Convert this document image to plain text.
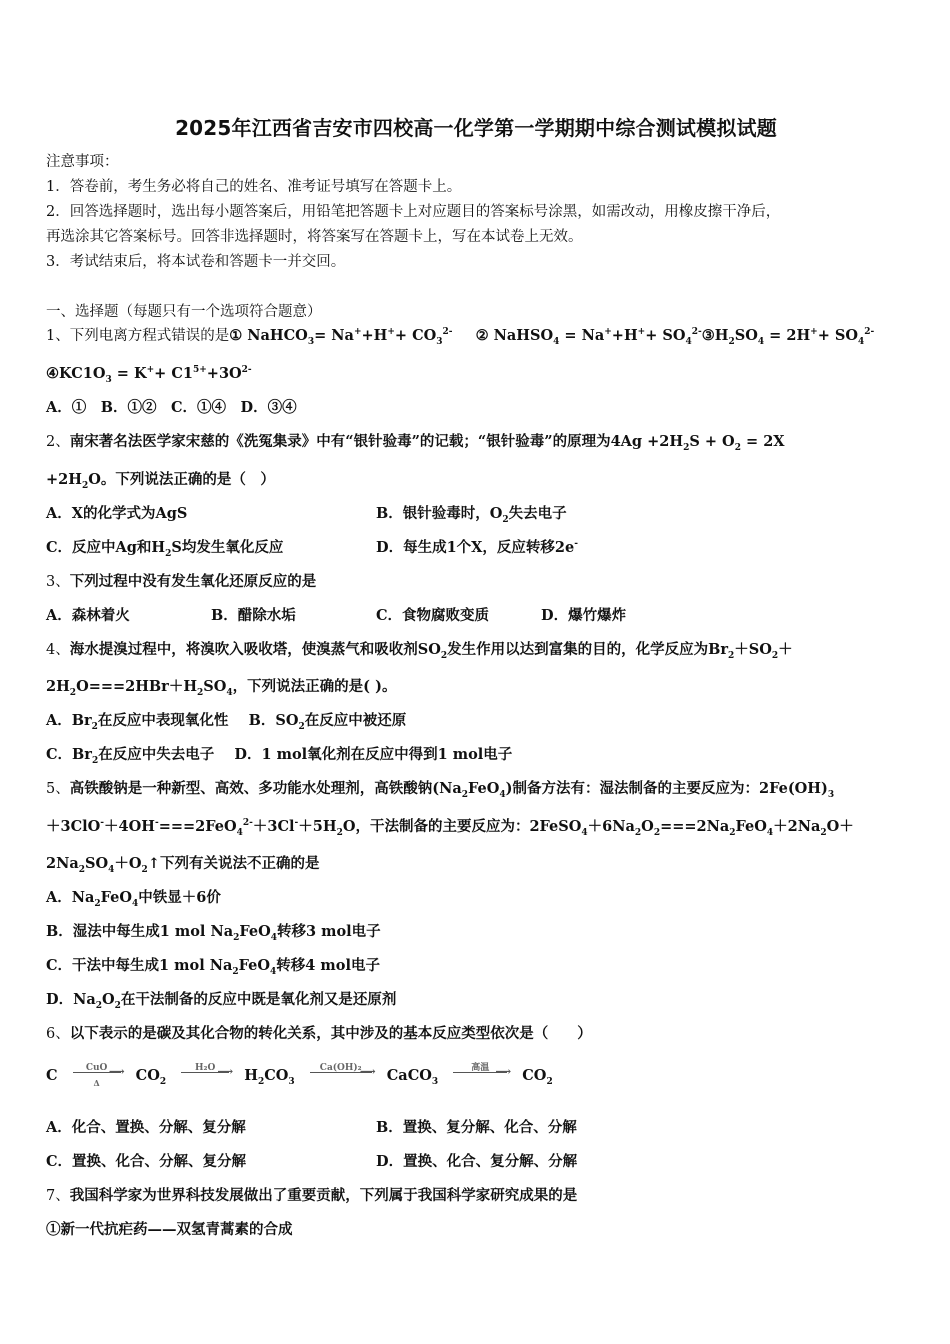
2025年江西省吉安市四校高一化学第一学期期中综合测试模拟试题
注意事项：
1．答卷前，考生务必将自己的姓名、准考证号填写在答题卡上。
2．回答选择题时，选出每小题答案后，用铅笔把答题卡上对应题目的答案标号涂黑，如需改动，用橡皮擦干净后，
再选涂其它答案标号。回答非选择题时，将答案写在答题卡上，写在本试卷上无效。
3．考试结束后，将本试卷和答题卡一并交回。
一、选择题（每题只有一个选项符合题意）
1、下列电离方程式错误的是① NaHCO$_3$= $Na^++H^++ CO_3^{2-}$ ② NaHSO$_4$ = $Na^++H^++ SO_4^{2-}③H_2SO_4 = 2H^++ SO_4^{2-}$
$④KC1O_3 = K^++ C1^{5+}+3O^{2-}$
A．①　B．①②　C．①④　D．③④
2、南宋著名法医学家宋慈的《洗冤集录》中有“银针验毒”的记载；“银针验毒”的原理为$4Ag +2H_2S + O_2 = 2X$
$+2H_2O$。下列说法正确的是（　）
A．X的化学式为AgS	B．银针验毒时，$O_2$失去电子
C．反应中Ag和$H_2S$均发生氧化反应	D．每生成1个X，反应转移2e-
3、下列过程中没有发生氧化还原反应的是
A．森林着火	B．醋除水垢	C．食物腐败变质	D．爆竹爆炸
4、海水提溴过程中，将溴吹入吸收塔，使溴蒸气和吸收剂$SO_2$发生作用以达到富集的目的，化学反应为$Br_2+SO_2+$
$2H_2O===2HBr+H_2SO_4$，下列说法正确的是( )。
A．$Br_2$在反应中表现氧化性 B．$SO_2$在反应中被还原
C．$Br_2$在反应中失去电子 D．1 mol氧化剂在反应中得到1 mol电子
5、高铁酸钠是一种新型、高效、多功能水处理剂，高铁酸钠$(Na_2FeO_4)$制备方法有：湿法制备的主要反应为：$2Fe(OH)_3$
$+3ClO^-+4OH^-===2FeO_4^{2-}+3Cl^-+5H_2O$，干法制备的主要反应为：$2FeSO_4+6Na_2O_2===2Na_2FeO_4+2Na_2O+$
$2Na_2SO_4+O_2↑$下列有关说法不正确的是
A．$Na_2FeO_4$中铁显＋6价
B．湿法中每生成1 mol $Na_2FeO_4$转移3 mol电子
C．干法中每生成1 mol $Na_2FeO_4$转移4 mol电子
D．$Na_2O_2$在干法制备的反应中既是氧化剂又是还原剂
6、以下表示的是碳及其化合物的转化关系，其中涉及的基本反应类型依次是（　　）
C	CuO ⟶
Δ	$CO_2$
H₂O ⟶ $H_2CO_3$
Ca(OH)₂
⟶ CaCO$_3$
高温 ⟶ $CO_2$
A．化合、置换、分解、复分解	B．置换、复分解、化合、分解
C．置换、化合、分解、复分解	D．置换、化合、复分解、分解
7、我国科学家为世界科技发展做出了重要贡献，下列属于我国科学家研究成果的是
①新一代抗疟药——双氢青蒿素的合成
